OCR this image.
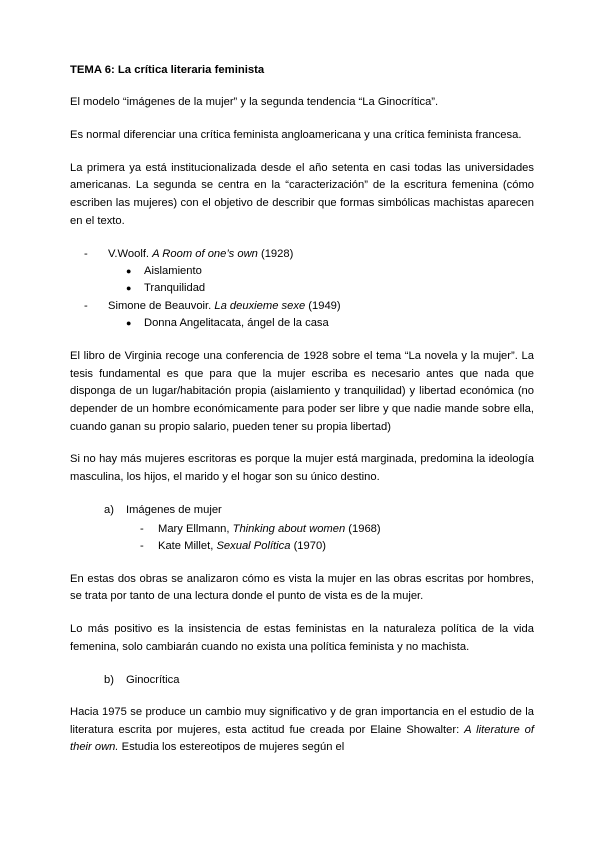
TEMA 6: La crítica literaria feminista

El modelo “imágenes de la mujer” y la segunda tendencia “La Ginocrítica”.

Es normal diferenciar una crítica feminista angloamericana y una crítica feminista francesa.

La primera ya está institucionalizada desde el año setenta en casi todas las universidades americanas. La segunda se centra en la “caracterización” de la escritura femenina (cómo escriben las mujeres) con el objetivo de describir que formas simbólicas machistas aparecen en el texto.

-	V.Woolf. A Room of one’s own (1928)
●	Aislamiento
●	Tranquilidad
-	Simone de Beauvoir. La deuxieme sexe (1949)
●	Donna Angelitacata, ángel de la casa

El libro de Virginia recoge una conferencia de 1928 sobre el tema “La novela y la mujer”. La tesis fundamental es que para que la mujer escriba es necesario antes que nada que disponga de un lugar/habitación propia (aislamiento y tranquilidad) y libertad económica (no depender de un hombre económicamente para poder ser libre y que nadie mande sobre ella, cuando ganan su propio salario, pueden tener su propia libertad)

Si no hay más mujeres escritoras es porque la mujer está marginada, predomina la ideología masculina, los hijos, el marido y el hogar son su único destino.

a)	Imágenes de mujer
-	Mary Ellmann, Thinking about women (1968)
-	Kate Millet, Sexual Política (1970)

En estas dos obras se analizaron cómo es vista la mujer en las obras escritas por hombres, se trata por tanto de una lectura donde el punto de vista es de la mujer.

Lo más positivo es la insistencia de estas feministas en la naturaleza política de la vida femenina, solo cambiarán cuando no exista una política feminista y no machista.

b)	Ginocrítica

Hacia 1975 se produce un cambio muy significativo y de gran importancia en el estudio de la literatura escrita por mujeres, esta actitud fue creada por Elaine Showalter: A literature of their own. Estudia los estereotipos de mujeres según el
